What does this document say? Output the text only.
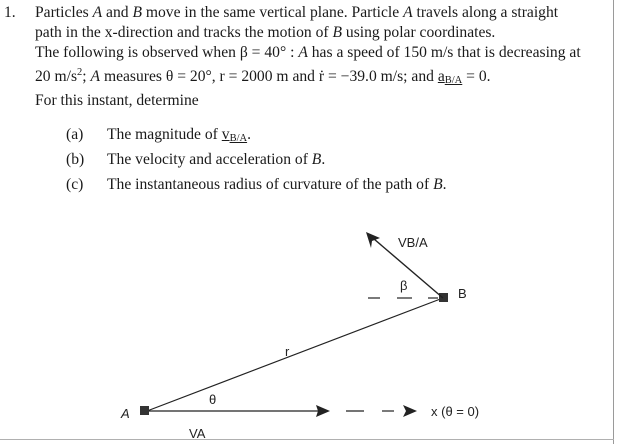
1. Particles A and B move in the same vertical plane. Particle A travels along a straight
path in the x-direction and tracks the motion of B using polar coordinates.
The following is observed when β = 40° : A has a speed of 150 m/s that is decreasing at
20 $m/s^2$; A measures θ = 20°, r = 2000 m and ṙ = −39.0 m/s; and $a_{B/A} = 0$.
For this instant, determine
(a) The magnitude of $v_{B/A}$.
(b) The velocity and acceleration of B.
(c) The instantaneous radius of curvature of the path of B.
A
B
r
θ
β
VB/A
VA
x (θ = 0)
